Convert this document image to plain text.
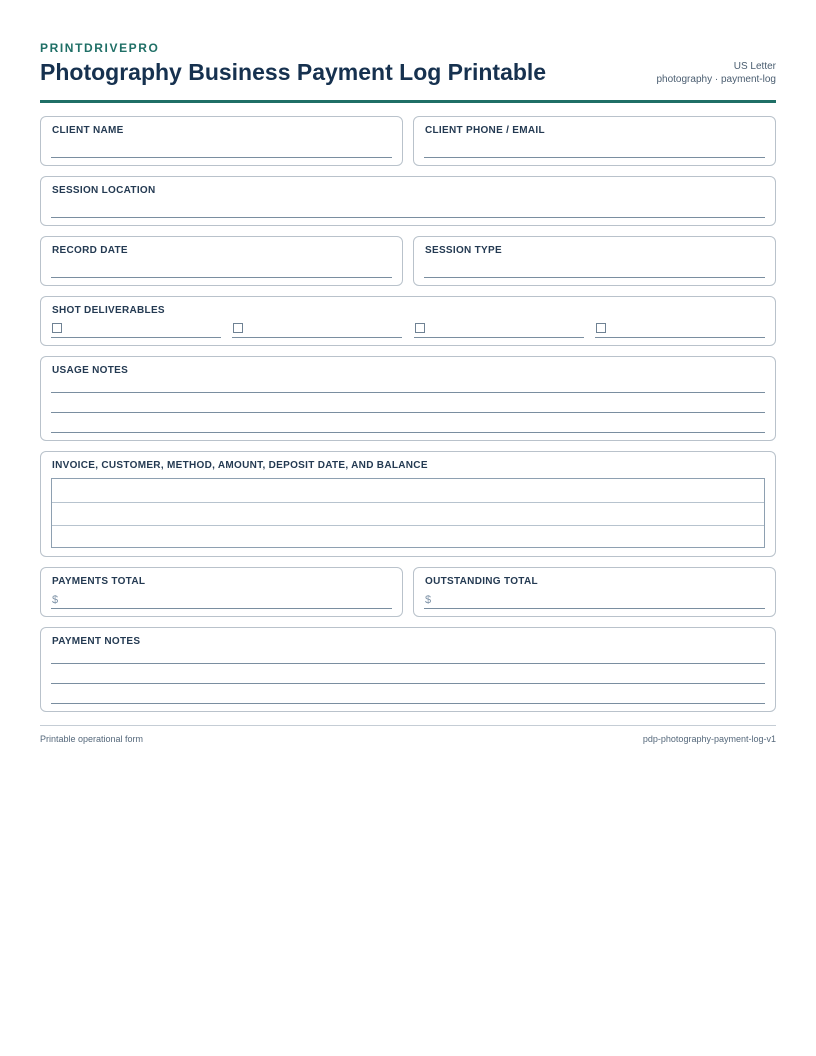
PRINTDRIVEPRO
Photography Business Payment Log Printable	US Letter
photography · payment-log
CLIENT NAME	CLIENT PHONE / EMAIL
SESSION LOCATION
RECORD DATE	SESSION TYPE
SHOT DELIVERABLES
USAGE NOTES
INVOICE, CUSTOMER, METHOD, AMOUNT, DEPOSIT DATE, AND BALANCE
PAYMENTS TOTAL
$
OUTSTANDING TOTAL
$
PAYMENT NOTES
Printable operational form	pdp-photography-payment-log-v1
